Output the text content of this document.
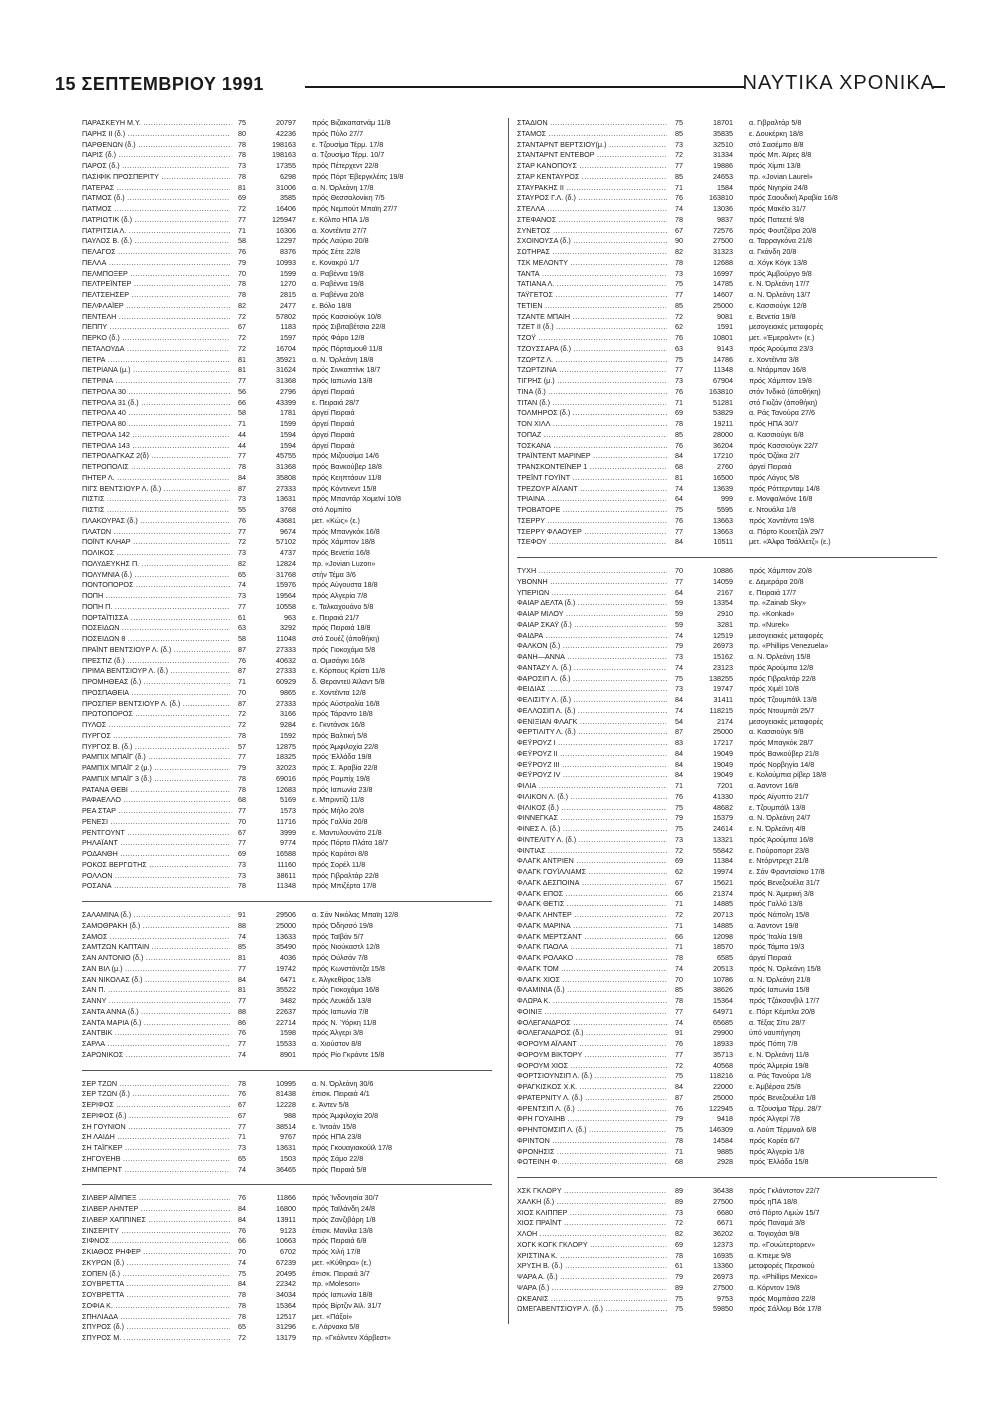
15 ΣΕΠΤΕΜΒΡΙΟΥ 1991	ΝΑΥΤΙΚΑ ΧΡΟΝΙΚΑ
ΠΑΡΑΣΚΕΥΗ Μ.Υ. .....	75	20797	πρός Βιζακαπατνάμ 11/8
ΠΑΡΗΣ ΙΙ (δ.) .....	80	42236	πρός Πύλο 27/7
ΠΑΡΘΕΝΩΝ (δ.) .....	78	198163	ε. Τζουσίμα Τέρμ. 17/8
ΠΑΡΙΣ (δ.) .....	78	198163	α. Τζουσίμα Τέρμ. 10/7
ΠΑΡΟΣ (δ.) .....	73	17355	πρός Πέτερχεντ 22/8
ΠΑΣΙΦΙΚ ΠΡΟΣΠΕΡΙΤΥ .....	78	6298	πρός Πόρτ Έβεργκλέιτς 19/8
ΠΑΤΕΡΑΣ .....	81	31006	α. Ν. Όρλεάνη 17/8
ΠΑΤΜΟΣ (δ.) .....	69	3585	πρός Θεσσαλονίκη 7/5
ΠΑΤΜΟΣ .....	72	16406	πρός Νεμπούτ Μπαϊη 27/7
ΠΑΤΡΙΩΤΙΚ (δ.) .....	77	125947	ε. Κόλπο ΗΠΑ 1/8
ΠΑΤΡΙΤΣΙΑ Λ. .....	71	16306	α. Χοντέϊντα 27/7
ΠΑΥΛΟΣ Β. (δ.) .....	58	12297	πρός Λαύριο 20/8
ΠΕΛΑΓΟΣ .....	76	8376	πρός Σέτε 22/8
ΠΕΛΛΑ .....	79	10993	ε. Κονακρύ 1/7
ΠΕΛΜΠΟΞΕΡ .....	70	1599	α. Ραβέννα 19/8
ΠΕΛΤΡΕΪΝΤΕΡ .....	78	1270	α. Ραβέννα 19/8
ΠΕΛΤΣΕΗΣΕΡ .....	78	2815	α. Ραβέννα 20/8
ΠΕΛΦΛΑΪΕΡ .....	82	2477	ε. Βόλο 18/8
ΠΕΝΤΕΛΗ .....	72	57802	πρός Κασσιούγκ 10/8
ΠΕΠΠΥ .....	67	1183	πρός Σιβιταβέτσια 22/8
ΠΕΡΚΟ (δ.) .....	72	1597	πρός Φάρο 12/8
ΠΕΤΑΛΟΥΔΑ .....	72	16704	πρός Πόρτσμουθ 11/8
ΠΕΤΡΑ .....	81	35921	α. Ν. Όρλεάνη 18/8
ΠΕΤΡΙΑΝΑ (μ.) .....	81	31624	πρός Σινκαπτίνκ 18/7
ΠΕΤΡΙΝΑ .....	77	31368	πρός Ιαπωνία 13/8
ΠΕΤΡΟΛΑ 30 .....	56	2796	άργεί Πειραιά
ΠΕΤΡΟΛΑ 31 (δ.) .....	66	43399	ε. Πειραιά 28/7
ΠΕΤΡΟΛΑ 40 .....	58	1781	άργεί Πειραιά
ΠΕΤΡΟΛΑ 80 .....	71	1599	άργεί Πειραιά
ΠΕΤΡΟΛΑ 142 .....	44	1594	άργεί Πειραιά
ΠΕΤΡΟΛΑ 143 .....	44	1594	άργεί Πειραιά
ΠΕΤΡΟΛΑΓΚΑΖ 2(δ) .....	77	45755	πρός Μιζουσίμα 14/6
ΠΕΤΡΟΠΟΛΙΣ .....	78	31368	πρός Βανκούβερ 18/8
ΠΗΤΕΡ Λ. .....	84	35808	πρός Κεηπτάουν 11/8
ΠΙΓΣ ΒΕΝΤΣΙΟΥΡ Λ. (δ.) .....	87	27333	πρός Κόντινεντ 15/8
ΠΙΣΤΙΣ .....	73	13631	πρός Μπαντάρ Χομεϊνί 10/8
ΠΙΣΤΙΣ .....	55	3768	στό Λομπίτο
ΠΛΑΚΟΥΡΑΣ (δ.) .....	76	43681	μετ. «Κώς» (ε.)
ΠΛΑΤΩΝ .....	77	9674	πρός Μπανγκόκ 16/8
ΠΟΪΝΤ ΚΛΗΑΡ .....	72	57102	πρός Χάμπτον 18/8
ΠΟΛΙΚΟΣ .....	73	4737	πρός Βενετία 16/8
ΠΟΛΥΔΕΥΚΗΣ Π. .....	82	12824	πρ. «Jovian Luzon»
ΠΟΛΥΜΝΙΑ (δ.) .....	65	31768	στήν Τέμα 3/6
ΠΟΝΤΟΠΟΡΟΣ .....	74	15976	πρός Αύγουστα 18/8
ΠΟΠΗ .....	73	19564	πρός Αλγερία 7/8
ΠΟΠΗ Π. .....	77	10558	ε. Ταλκαχουάνο 5/8
ΠΟΡΤΑΪΤΙΣΣΑ .....	61	963	ε. Πειραιά 21/7
ΠΟΣΕΙΔΩΝ .....	63	3292	πρός Πειραιά 18/8
ΠΟΣΕΙΔΩΝ 8 .....	58	11048	στό Σουέζ (άποθήκη)
ΠΡΑΪΝΤ ΒΕΝΤΣΙΟΥΡ Λ. (δ.) .....	87	27333	πρός Γιοκοχάμα 5/8
ΠΡΕΣΤΙΖ (δ.) .....	76	40632	α. Ομισάγκι 16/8
ΠΡΙΜΑ ΒΕΝΤΣΙΟΥΡ Λ. (δ.) .....	87	27333	ε. Κόρπους Κρίστι 11/8
ΠΡΟΜΗΘΕΑΣ (δ.) .....	71	60929	δ. Θεραντεϋ Άϊλαντ 5/8
ΠΡΟΣΠΑΘΕΙΑ .....	70	9865	ε. Χοντέϊντα 12/8
ΠΡΟΣΠΕΡ ΒΕΝΤΣΙΟΥΡ Λ. (δ.) .....	87	27333	πρός Αύστραλία 16/8
ΠΡΩΤΟΠΟΡΟΣ .....	72	3166	πρός Τάραντο 18/8
ΠΥΛΟΣ .....	72	9284	ε. Γκντάνσκ 16/8
ΠΥΡΓΟΣ .....	78	1592	πρός Βαλτική 5/8
ΠΥΡΓΟΣ Β. (δ.) .....	57	12875	πρός Άμφιλοχία 22/8
ΡΑΜΠΙΧ ΜΠΑΪΓ (δ.) .....	77	18325	πρός Έλλάδα 19/8
ΡΑΜΠΙΧ ΜΠΑΪΓ 2 (μ.) .....	79	32023	πρός Σ. Άραβία 22/8
ΡΑΜΠΙΧ ΜΠΑΪΓ 3 (δ.) .....	78	69016	πρός Ραμπίχ 19/8
ΡΑΤΑΝΑ ΘΕΒΙ .....	78	12683	πρός Ιαπωνία 23/8
ΡΑΦΑΕΛΛΟ .....	68	5169	ε. Μπριντίζι 11/8
ΡΕΑ ΣΤΑΡ .....	77	1573	πρός Μήλο 20/8
ΡΕΝΕΣΙ .....	70	11716	πρός Γαλλία 20/8
ΡΕΝΤΓΟΥΝΤ .....	67	3999	ε. Μαντυλουνάτο 21/8
ΡΗΛΑΪΑΝΤ .....	77	9774	πρός Πόρτο Πλάτα 18/7
ΡΟΔΑΝΘΗ .....	69	16588	πρός Καρότσι 8/8
ΡΟΚΟΣ ΒΕΡΓΩΤΗΣ .....	73	11160	πρός Σορέλ 11/8
ΡΟΛΛΟΝ .....	73	38611	πρός Γιβραλτάρ 22/8
ΡΟΣΑΝΑ .....	78	11348	πρός Μπιζέρτα 17/8
ΣΑΛΑΜΙΝΑ (δ.) .....	91	29506	α. Σάν Νικόλας Μπαϊη 12/8
ΣΑΜΟΘΡΑΚΗ (δ.) .....	88	25000	πρός Όδησσό 19/8
ΣΑΜΟΣ .....	74	13633	πρός Ταϊβάν 5/7
ΣΑΜΤΖΩΝ ΚΑΠΤΑΙΝ .....	85	35490	πρός Νιούκαστλ 12/8
ΣΑΝ ΑΝΤΟΝΙΟ (δ.) .....	81	4036	πρός Ούλσάν 7/8
ΣΑΝ ΒΙΛ (μ.) .....	77	19742	πρός Κωνστάντζα 15/8
ΣΑΝ ΝΙΚΟΛΑΣ (δ.) .....	84	6471	ε. Άλγκεθίρας 13/8
ΣΑΝ Π. .....	81	35522	πρός Γιοκοχάμα 16/8
ΣΑΝΝΥ .....	77	3482	πρός Λευκάδι 13/8
ΣΑΝΤΑ ΑΝΝΑ (δ.) .....	88	22637	πρός Ιαπωνία 7/8
ΣΑΝΤΑ ΜΑΡΙΑ (δ.) .....	86	22714	πρός Ν. Ύόρκη 11/8
ΣΑΝΤΒΙΚ .....	76	1598	πρός Άλγερι 3/8
ΣΑΡΛΑ .....	77	15533	α. Χιούστον 8/8
ΣΑΡΩΝΙΚΟΣ .....	74	8901	πρός Ρίο Γκράντε 15/8
ΣΕΡ ΤΖΩΝ .....	78	10995	α. Ν. Όρλεάνη 30/6
ΣΕΡ ΤΖΩΝ (δ.) .....	76	81438	έπισκ. Πειραιά 4/1
ΣΕΡΙΦΟΣ .....	67	12228	ε. Άντεν 5/8
ΣΕΡΙΦΟΣ (δ.) .....	67	988	πρός Άμφιλοχία 20/8
ΣΗ ΓΟΥΝΙΟΝ .....	77	38514	ε. Ίνταάν 15/8
ΣΗ ΛΑΙΔΗ .....	71	9767	πρός ΗΠΑ 23/8
ΣΗ ΤΑΪΓΚΕΡ .....	73	13631	πρός Γκουαγιακούϊλ 17/8
ΣΗΓΟΥΕΗΒ .....	65	1503	πρός Σάμο 22/8
ΣΗΜΠΕΡΝΤ .....	74	36465	πρός Πειραιά 5/8
ΣΙΛΒΕΡ ΑΪΜΠΕΞ .....	76	11866	πρός Ίνδονησία 30/7
ΣΙΛΒΕΡ ΛΗΝΤΕΡ .....	84	16800	πρός Ταϊλάνδη 24/8
ΣΙΛΒΕΡ ΧΑΠΠΙΝΕΣ .....	84	13911	πρός Ζανζιβάρη 1/8
ΣΙΝΣΕΡΙΤΥ .....	76	9123	έπισκ. Μανίλα 13/8
ΣΙΦΝΟΣ .....	66	10663	πρός Πειραιά 6/8
ΣΚΙΑΘΟΣ ΡΗΦΕΡ .....	70	6702	πρός Χιλή 17/8
ΣΚΥΡΩΝ (δ.) .....	74	67239	μετ. «Κύθηρα» (ε.)
ΣΟΠΕΝ (δ.) .....	75	20495	έπισκ. Πειραιά 3/7
ΣΟΥΒΡΕΤΤΑ .....	84	22342	πρ. «Moleson»
ΣΟΥΒΡΕΤΤΑ .....	78	34034	πρός Ιαπωνία 18/8
ΣΟΦΙΑ Κ. .....	78	15364	πρός Βίρτζιν Άϊλ. 31/7
ΣΠΗΛΙΑΔΑ .....	78	12517	μετ. «Πάξοί»
ΣΠΥΡΟΣ (δ.) .....	65	31296	ε. Λάρνακα 5/8
ΣΠΥΡΟΣ Μ. .....	72	13179	πρ. «Γκόλντεν Χάρβεστ»
ΣΤΑΔΙΟΝ .....	75	18701	α. Γιβραλτάρ 5/8
ΣΤΑΜΟΣ .....	85	35835	ε. Δουκέρκη 18/8
ΣΤΑΝΤΑΡΝΤ ΒΕΡΤΣΙΟΥ(μ.) .....	73	32510	στό Σασέμπο 8/8
ΣΤΑΝΤΑΡΝΤ ΕΝΤΕΒΟΡ .....	72	31334	πρός Μπ. Άϊρες 8/8
ΣΤΑΡ ΚΑΝΟΠΟΥΣ .....	77	19886	πρός Χίμπι 13/8
ΣΤΑΡ ΚΕΝΤΑΥΡΟΣ .....	85	24653	πρ. «Jovian Laurel»
ΣΤΑΥΡΑΚΗΣ ΙΙ .....	71	1584	πρός Νιγηρία 24/8
ΣΤΑΥΡΟΣ Γ.Λ. (δ.) .....	76	163810	πρός Σαουδική Άραβία 16/8
ΣΤΕΛΛΑ .....	74	13036	πρός Μακέϊο 31/7
ΣΤΕΦΑΝΟΣ .....	78	9837	πρός Πατεετέ 9/8
ΣΥΝΕΤΟΣ .....	67	72576	πρός Φουτζέϊρα 20/8
ΣΧΟΙΝΟΥΣΑ (δ.) .....	90	27500	α. Ταρραγκόνα 21/8
ΣΩΤΗΡΑΣ .....	82	31323	α. Γκάνδη 20/8
ΤΣΚ ΜΕΛΟΝΤΥ .....	78	12688	α. Χόγκ Κόγκ 13/8
ΤΑΝΤΑ .....	73	16997	πρός Άμβούργο 9/8
ΤΑΤΙΑΝΑ Λ. .....	75	14785	ε. Ν. Όρλεάνη 17/7
ΤΑΫΓΕΤΟΣ .....	77	14607	α. Ν. Όρλεάνη 13/7
ΤΕΤΙΕΝ .....	85	25000	ε. Κασσιούγκ 12/8
ΤΖΑΝΤΕ ΜΠΑΙΗ .....	72	9081	ε. Βενετία 19/8
ΤΖΕΤ ΙΙ (δ.) .....	62	1591	μεσογειακές μεταφορές
ΤΖΟΫ .....	76	10801	μετ. «Έμεραλντ» (ε.)
ΤΖΟΥΣΣΑΡΑ (δ.) .....	63	9143	πρός Άρούμπα 23/3
ΤΖΩΡΤΖ Λ. .....	75	14786	ε. Χοντέϊντα 3/8
ΤΖΩΡΤΖΙΝΑ .....	77	11348	α. Ντάρμπαν 16/8
ΤΙΓΡΗΣ (μ.) .....	73	67904	πρός Χάμπτον 19/8
ΤΙΝΑ (δ.) .....	76	163810	στόν Ίνδικό (άποθήκη)
ΤΙΤΑΝ (δ.) .....	71	51281	στό Γκιζάν (άποθήκη)
ΤΟΛΜΗΡΟΣ (δ.) .....	69	53829	α. Ράς Τανούρα 27/6
ΤΟΝ ΧΙΛΛ .....	78	19211	πρός ΗΠΑ 30/7
ΤΟΠΑΖ .....	85	28000	α. Κασσιούγκ 6/8
ΤΟΣΚΑΝΑ .....	76	36204	πρός Κασσιούγκ 22/7
ΤΡΑΪΝΤΕΝΤ ΜΑΡΙΝΕΡ .....	84	17210	πρός Όζάκα 2/7
ΤΡΑΝΣΚΟΝΤΕΪΝΕΡ 1 .....	68	2760	άργεί Πειραιά
ΤΡΕΪΝΤ ΓΟΥΪΝΤ .....	81	16500	πρός Λάγος 5/8
ΤΡΕΖΟΥΡ ΑΪΛΑΝΤ .....	74	13639	πρός Ρόττερνταμ 14/8
ΤΡΙΑΙΝΑ .....	64	999	ε. Μονφαλκόνε 16/8
ΤΡΟΒΑΤΟΡΕ .....	75	5595	ε. Ντουάλα 1/8
ΤΣΕΡΡΥ .....	76	13663	πρός Χοντέϊντα 19/8
ΤΣΕΡΡΥ ΦΛΑΟΥΕΡ .....	77	13663	α. Πόρτο Κουετζάλ 29/7
ΤΣΕΦΟΥ .....	84	10511	μετ. «Άλφα Τσάλλετζ» (ε.)
ΤΥΧΗ .....	70	10886	πρός Χάμπτον 20/8
ΥΒΟΝΝΗ .....	77	14059	ε. Δεμεράρα 20/8
ΥΠΕΡΙΩΝ .....	64	2167	ε. Πειραιά 17/7
ΦΑΙΑΡ ΔΕΛΤΑ (δ.) .....	59	13354	πρ. «Zainab Sky»
ΦΑΙΑΡ ΜΙΛΟΥ .....	59	2910	πρ. «Konkad»
ΦΑΙΑΡ ΣΚΑΫ (δ.) .....	59	3281	πρ. «Nurek»
ΦΑΙΔΡΑ .....	74	12519	μεσογειακές μεταφορές
ΦΑΛΚΟΝ (δ.) .....	79	26973	πρ. «Phillips Venezuela»
ΦΑΝΗ—ΑΝΝΑ .....	73	15162	α. Ν. Όρλεάνη 15/8
ΦΑΝΤΑΖΥ Λ. (δ.) .....	74	23123	πρός Άρούμπα 12/8
ΦΑΡΟΣΙΠ Λ. (δ.) .....	75	138255	πρός Γιβραλτάρ 22/8
ΦΕΙΔΙΑΣ .....	73	19747	πρός Χιμέϊ 10/8
ΦΕΛΙΣΙΤΥ Λ. (δ.) .....	84	31411	πρός Τζουμπάϊλ 13/8
ΦΕΛΛΟΣΙΠ Λ. (δ.) .....	74	118215	πρός Ντουμπάϊ 25/7
ΦΕΝΙΞΙΑΝ ΦΛΑΓΚ .....	54	2174	μεσογειακές μεταφορές
ΦΕΡΤΙΛΙΤΥ Λ. (δ.) .....	87	25000	α. Κασσιούγκ 9/8
ΦΕΫΡΟΥΖ Ι .....	83	17217	πρός Μπαγκόκ 28/7
ΦΕΫΡΟΥΖ ΙΙ .....	84	19049	πρός Βανκούβερ 21/8
ΦΕΫΡΟΥΖ ΙΙΙ .....	84	19049	πρός Νορβηγία 14/8
ΦΕΫΡΟΥΖ ΙV .....	84	19049	ε. Κολούμπια ρίβερ 18/8
ΦΙΛΙΑ .....	71	7201	α. Άαντοντ 16/8
ΦΙΛΙΚΟΝ Λ. (δ.) .....	76	41330	πρός Αίγυπτο 21/7
ΦΙΛΙΚΟΣ (δ.) .....	75	48682	ε. Τζουμπάϊλ 13/8
ΦΙΝΝΕΓΚΑΣ .....	79	15379	α. Ν. Όρλεάνη 24/7
ΦΙΝΕΣ Λ. (δ.) .....	75	24614	ε. Ν. Όρλεάνη 4/8
ΦΙΝΤΕΛΙΤΥ Λ. (δ.) .....	73	13321	πρός Άρούμπα 16/8
ΦΙΝΤΙΑΣ .....	72	55842	ε. Γιούροπορτ 23/8
ΦΛΑΓΚ ΑΝΤΡΙΕΝ .....	69	11384	ε. Ντόρντρεχτ 21/8
ΦΛΑΓΚ ΓΟΥΪΛΛΙΑΜΣ .....	62	19974	ε. Σάν Φραντσίσκο 17/8
ΦΛΑΓΚ ΔΕΣΠΟΙΝΑ .....	67	15621	πρός Βενεζουέλα 31/7
ΦΛΑΓΚ ΕΠΟΣ .....	66	21374	πρός Ν. Άμερική 3/8
ΦΛΑΓΚ ΘΕΤΙΣ .....	71	14885	πρός Γαλλό 13/8
ΦΛΑΓΚ ΛΗΝΤΕΡ .....	72	20713	πρός Νάπολη 15/8
ΦΛΑΓΚ ΜΑΡΙΝΑ .....	71	14885	α. Άαντοντ 19/8
ΦΛΑΓΚ ΜΕΡΤΣΑΝΤ .....	66	12098	πρός Ίταλία 19/8
ΦΛΑΓΚ ΠΑΟΛΑ .....	71	18570	πρός Τάμπα 19/3
ΦΛΑΓΚ ΡΟΛΑΚΟ .....	78	6585	άργεί Πειραιά
ΦΛΑΓΚ ΤΟΜ .....	74	20513	πρός Ν. Όρλεάνη 15/8
ΦΛΑΓΚ ΧΙΟΣ .....	70	10786	α. Ν. Όρλεάνη 21/8
ΦΛΑΜΙΝΙΑ (δ.) .....	85	38626	πρός Ιαπωνία 15/8
ΦΛΩΡΑ Κ. .....	78	15364	πρός Τζάκσονβιλ 17/7
ΦΟΙΝΙΞ .....	77	64971	ε. Πόρτ Κέμπλα 20/8
ΦΟΛΕΓΑΝΔΡΟΣ .....	74	65685	α. Τέξας Σίτυ 28/7
ΦΟΛΕΓΑΝΔΡΟΣ (δ.) .....	91	29900	ύπό ναυπήγηση
ΦΟΡΟΥΜ ΑΪΛΑΝΤ .....	76	18933	πρός Πόπη 7/8
ΦΟΡΟΥΜ ΒΙΚΤΟΡΥ .....	77	35713	ε. Ν. Όρλεάνη 11/8
ΦΟΡΟΥΜ ΧΙΟΣ .....	72	40568	πρός Άλμερία 19/8
ΦΟΡΤΣΙΟΥΝΣΙΠ Λ. (δ.) .....	75	118216	α. Ράς Τανούρα 1/8
ΦΡΑΓΚΙΣΚΟΣ Χ.Κ. .....	84	22000	ε. Άμβέρσα 25/8
ΦΡΑΤΕΡΝΙΤΥ Λ. (δ.) .....	87	25000	πρός Βενεζουέλα 1/8
ΦΡΕΝΤΣΙΠ Λ. (δ.) .....	76	122945	α. Τζουσίμα Τέρμ. 28/7
ΦΡΗ ΓΟΥΑΙΗΒ .....	79	9418	πρός Άλγερί 7/8
ΦΡΗΝΤΟΜΣΙΠ Λ. (δ.) .....	75	146309	α. Λούπ Τέρμιναλ 6/8
ΦΡΙΝΤΟΝ .....	78	14584	πρός Κορέα 6/7
ΦΡΟΝΗΣΙΣ .....	71	9885	πρός Άλγερία 1/8
ΦΩΤΕΙΝΗ Φ. .....	68	2928	πρός Έλλάδα 15/8
ΧΣΚ ΓΚΛΟΡΥ .....	89	36438	πρός Γκλάντστον 22/7
ΧΑΛΚΗ (δ.) .....	89	27500	πρός ηΠΑ 18/8
ΧΙΟΣ ΚΛΙΠΠΕΡ .....	73	6680	στό Πόρτο Λιμών 15/7
ΧΙΟΣ ΠΡΑΪΝΤ .....	72	6671	πρός Παναμά 3/8
ΧΛΟΗ .....	82	36202	α. Τογιοχάσι 9/8
ΧΟΓΚ ΚΟΓΚ ΓΚΛΟΡΥ .....	69	12373	πρ. «Γουώτερτορεν»
ΧΡΙΣΤΙΝΑ Κ. .....	78	16935	α. Κπιεμε 9/8
ΧΡΥΣΗ Β. (δ.) .....	61	13360	μεταφορές Περσικού
ΨΑΡΑ Α. (δ.) .....	79	26973	πρ. «Phillips Mexico»
ΨΑΡΑ (δ.) .....	89	27500	α. Κόρντον 19/8
ΩΚΕΑΝΙΣ .....	75	9753	πρός Μομπάσα 22/8
ΩΜΕΓΑΒΕΝΤΣΙΟΥΡ Λ. (δ.) .....	75	59850	πρός Σάλλομ Βόε 17/8
